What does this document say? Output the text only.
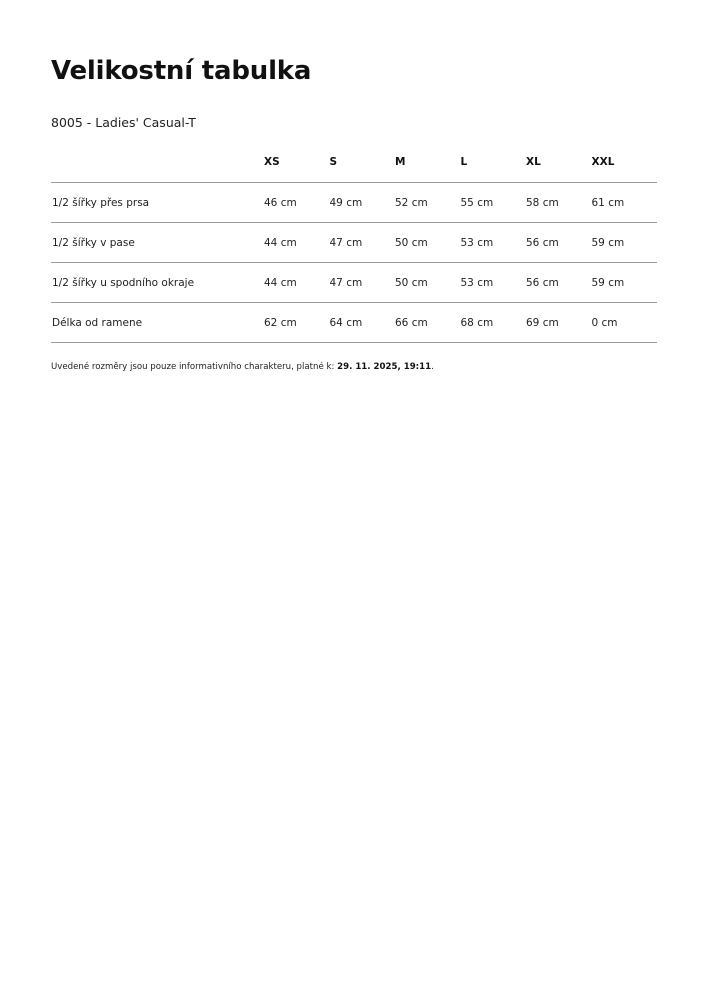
Velikostní tabulka
8005 - Ladies' Casual-T
	XS	S	M	L	XL	XXL
1/2 šířky přes prsa	46 cm	49 cm	52 cm	55 cm	58 cm	61 cm
1/2 šířky v pase	44 cm	47 cm	50 cm	53 cm	56 cm	59 cm
1/2 šířky u spodního okraje	44 cm	47 cm	50 cm	53 cm	56 cm	59 cm
Délka od ramene	62 cm	64 cm	66 cm	68 cm	69 cm	0 cm
Uvedené rozměry jsou pouze informativního charakteru, platné k: 29. 11. 2025, 19:11.
